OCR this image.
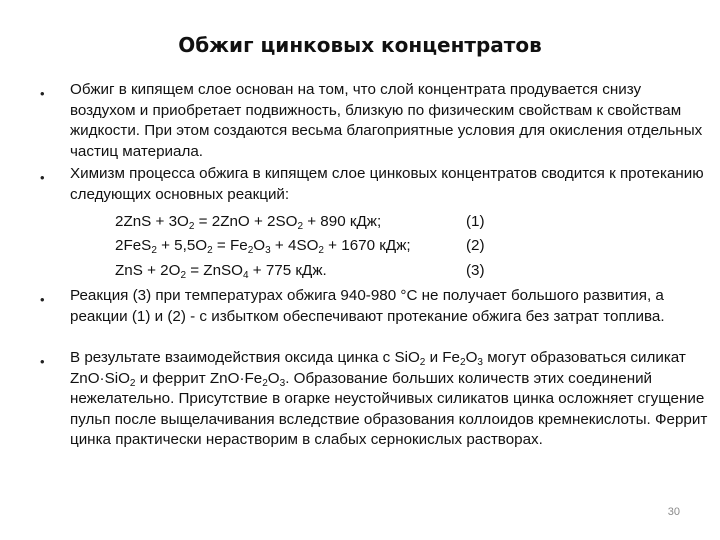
Обжиг цинковых концентратов
•	Обжиг в кипящем слое основан на том, что слой концентрата продувается снизу воздухом и приобретает подвижность, близкую по физическим свойствам к свойствам жидкости. При этом создаются весьма благоприятные условия для окисления отдельных частиц материала.
•	Химизм процесса обжига в кипящем слое цинковых концентратов сводится к протеканию следующих основных реакций:
$2ZnS + 3O_2 = 2ZnO + 2SO_2 + 890$ кДж;	(1)
$2FeS_2 + 5,5O_2 = Fe_2O_3 + 4SO_2 + 1670$ кДж;	(2)
ZnS + $2O_2$ = ZnSO$_4$ + 775 кДж.	(3)
•	Реакция (3) при температурах обжига 940-980 °С не получает большого развития, а реакции (1) и (2) - с избытком обеспечивают протекание обжига без затрат топлива.
•	В результате взаимодействия оксида цинка с SiO$_2$ и $Fe_2O_3$ могут образоваться силикат ZnO·SiO$_2$ и феррит $ZnO\cdot Fe_2O_3$. Образование больших количеств этих соединений нежелательно. Присутствие в огарке неустойчивых силикатов цинка осложняет сгущение пульп после выщелачивания вследствие образования коллоидов кремнекислоты. Феррит цинка практически нерастворим в слабых сернокислых растворах.
30
